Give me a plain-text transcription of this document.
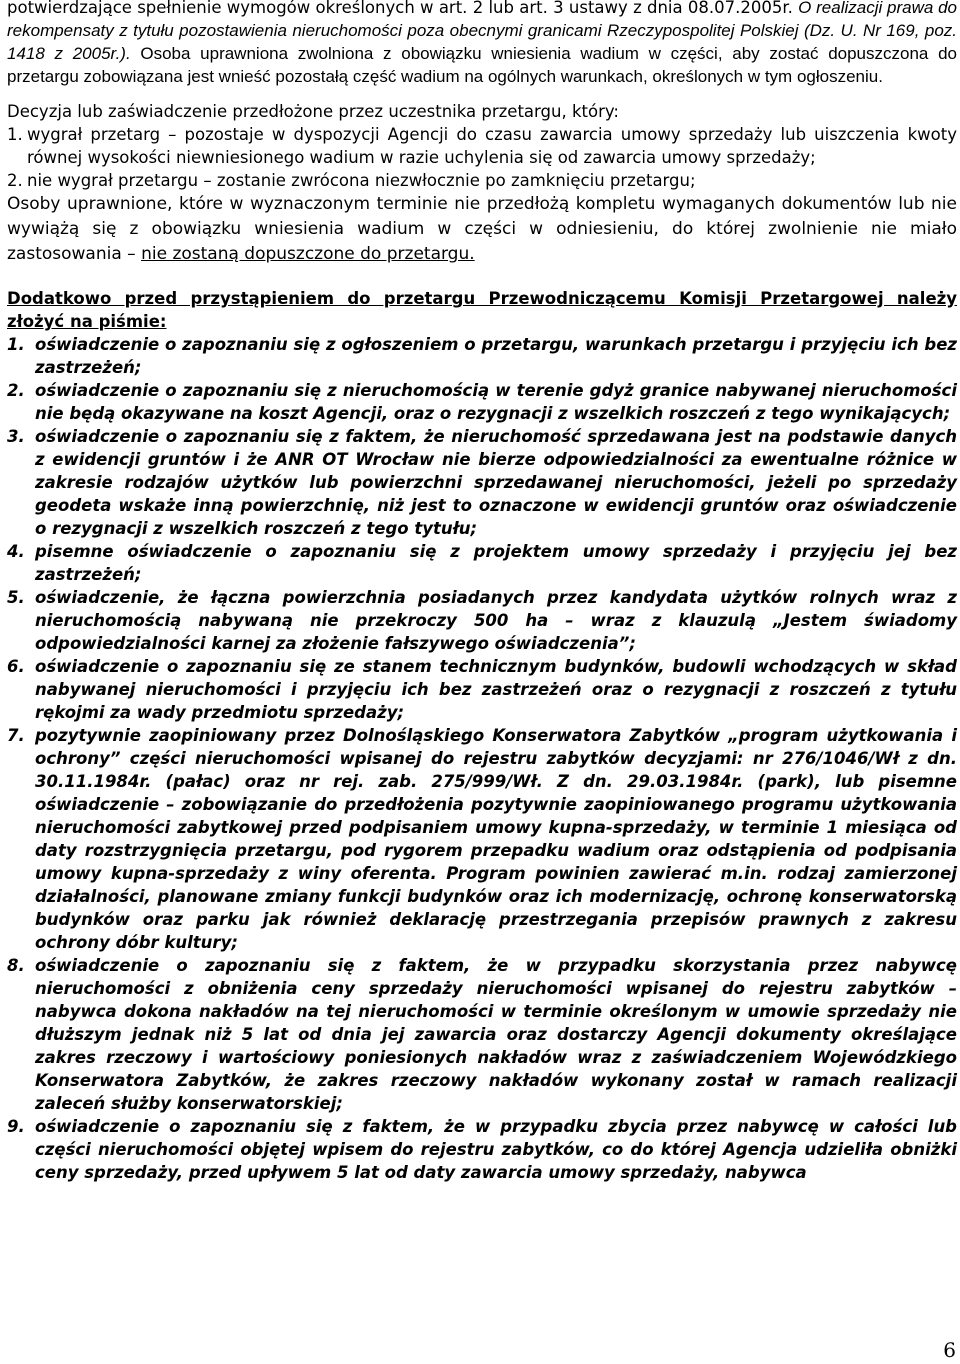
potwierdzające spełnienie wymogów określonych w art. 2 lub art. 3 ustawy z dnia 08.07.2005r. O realizacji prawa do rekompensaty z tytułu pozostawienia nieruchomości poza obecnymi granicami Rzeczypospolitej Polskiej (Dz. U. Nr 169, poz. 1418 z 2005r.). Osoba uprawniona zwolniona z obowiązku wniesienia wadium w części, aby zostać dopuszczona do przetargu zobowiązana jest wnieść pozostałą część wadium na ogólnych warunkach, określonych w tym ogłoszeniu.

Decyzja lub zaświadczenie przedłożone przez uczestnika przetargu, który:

1. wygrał przetarg – pozostaje w dyspozycji Agencji do czasu zawarcia umowy sprzedaży lub uiszczenia kwoty równej wysokości niewniesionego wadium w razie uchylenia się od zawarcia umowy sprzedaży;
2. nie wygrał przetargu – zostanie zwrócona niezwłocznie po zamknięciu przetargu;

Osoby uprawnione, które w wyznaczonym terminie nie przedłożą kompletu wymaganych dokumentów lub nie wywiążą się z obowiązku wniesienia wadium w części w odniesieniu, do której zwolnienie nie miało zastosowania – nie zostaną dopuszczone do przetargu.

Dodatkowo przed przystąpieniem do przetargu Przewodniczącemu Komisji Przetargowej należy złożyć na piśmie:

1. oświadczenie o zapoznaniu się z ogłoszeniem o przetargu, warunkach przetargu i przyjęciu ich bez zastrzeżeń;
2. oświadczenie o zapoznaniu się z nieruchomością w terenie gdyż granice nabywanej nieruchomości nie będą okazywane na koszt Agencji, oraz o rezygnacji z wszelkich roszczeń z tego wynikających;
3. oświadczenie o zapoznaniu się z faktem, że nieruchomość sprzedawana jest na podstawie danych z ewidencji gruntów i że ANR OT Wrocław nie bierze odpowiedzialności za ewentualne różnice w zakresie rodzajów użytków lub powierzchni sprzedawanej nieruchomości, jeżeli po sprzedaży geodeta wskaże inną powierzchnię, niż jest to oznaczone w ewidencji gruntów oraz oświadczenie o rezygnacji z wszelkich roszczeń z tego tytułu;
4. pisemne oświadczenie o zapoznaniu się z projektem umowy sprzedaży i przyjęciu jej bez zastrzeżeń;
5. oświadczenie, że łączna powierzchnia posiadanych przez kandydata użytków rolnych wraz z nieruchomością nabywaną nie przekroczy 500 ha – wraz z klauzulą „Jestem świadomy odpowiedzialności karnej za złożenie fałszywego oświadczenia”;
6. oświadczenie o zapoznaniu się ze stanem technicznym budynków, budowli wchodzących w skład nabywanej nieruchomości i przyjęciu ich bez zastrzeżeń oraz o rezygnacji z roszczeń z tytułu rękojmi za wady przedmiotu sprzedaży;
7. pozytywnie zaopiniowany przez Dolnośląskiego Konserwatora Zabytków „program użytkowania i ochrony” części nieruchomości wpisanej do rejestru zabytków decyzjami: nr 276/1046/Wł z dn. 30.11.1984r. (pałac) oraz nr rej. zab. 275/999/Wł. Z dn. 29.03.1984r. (park), lub pisemne oświadczenie – zobowiązanie do przedłożenia pozytywnie zaopiniowanego programu użytkowania nieruchomości zabytkowej przed podpisaniem umowy kupna-sprzedaży, w terminie 1 miesiąca od daty rozstrzygnięcia przetargu, pod rygorem przepadku wadium oraz odstąpienia od podpisania umowy kupna-sprzedaży z winy oferenta. Program powinien zawierać m.in. rodzaj zamierzonej działalności, planowane zmiany funkcji budynków oraz ich modernizację, ochronę konserwatorską budynków oraz parku jak również deklarację przestrzegania przepisów prawnych z zakresu ochrony dóbr kultury;
8. oświadczenie o zapoznaniu się z faktem, że w przypadku skorzystania przez nabywcę nieruchomości z obniżenia ceny sprzedaży nieruchomości wpisanej do rejestru zabytków – nabywca dokona nakładów na tej nieruchomości w terminie określonym w umowie sprzedaży nie dłuższym jednak niż 5 lat od dnia jej zawarcia oraz dostarczy Agencji dokumenty określające zakres rzeczowy i wartościowy poniesionych nakładów wraz z zaświadczeniem Wojewódzkiego Konserwatora Zabytków, że zakres rzeczowy nakładów wykonany został w ramach realizacji zaleceń służby konserwatorskiej;
9. oświadczenie o zapoznaniu się z faktem, że w przypadku zbycia przez nabywcę w całości lub części nieruchomości objętej wpisem do rejestru zabytków, co do której Agencja udzieliła obniżki ceny sprzedaży, przed upływem 5 lat od daty zawarcia umowy sprzedaży, nabywca
6
